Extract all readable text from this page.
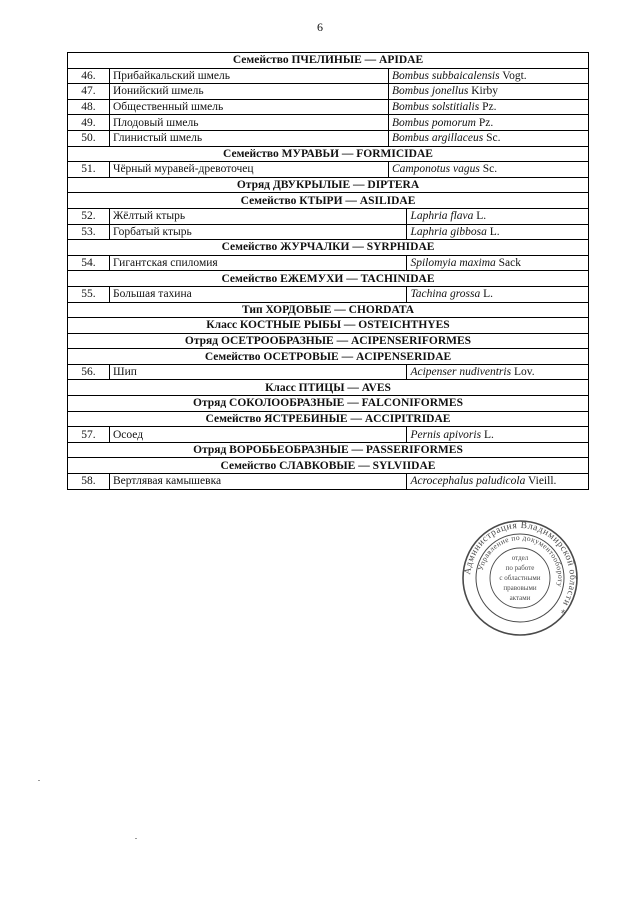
6
Семейство ПЧЕЛИНЫЕ — APIDAE			
46.	Прибайкальский шмель	Bombus subbaicalensis Vogt.	
47.	Ионийский шмель	Bombus jonellus Kirby	
48.	Общественный шмель	Bombus solstitialis Pz.	
49.	Плодовый шмель	Bombus pomorum Pz.	
50.	Глинистый шмель	Bombus argillaceus Sc.	
Семейство МУРАВЬИ — FORMICIDAE			
51.	Чёрный муравей-древоточец	Camponotus vagus Sc.	
Отряд ДВУКРЫЛЫЕ — DIPTERA			
Семейство КТЫРИ — ASILIDAE			
52.	Жёлтый ктырь		Laphria flava L.
53.	Горбатый ктырь		Laphria gibbosa L.
Семейство ЖУРЧАЛКИ — SYRPHIDAE			
54.	Гигантская спиломия		Spilomyia maxima Sack
Семейство ЕЖЕМУХИ — TACHINIDAE			
55.	Большая тахина		Tachina grossa L.
Тип ХОРДОВЫЕ — CHORDATA			
Класс КОСТНЫЕ РЫБЫ — OSTEICHTHYES			
Отряд ОСЕТРООБРАЗНЫЕ — ACIPENSERIFORMES			
Семейство ОСЕТРОВЫЕ — ACIPENSERIDAE			
56.	Шип		Acipenser nudiventris Lov.
Класс ПТИЦЫ — AVES			
Отряд СОКОЛООБРАЗНЫЕ — FALCONIFORMES			
Семейство ЯСТРЕБИНЫЕ — ACCIPITRIDAE			
57.	Осоед		Pernis apivoris L.
Отряд ВОРОБЬЕОБРАЗНЫЕ — PASSERIFORMES			
Семейство СЛАВКОВЫЕ — SYLVIIDAE			
58.	Вертлявая камышевка		Acrocephalus paludicola Vieill.
Администрация Владимирской области *
Управление по документообороту
отдел
по работе
с областными
правовыми
актами
